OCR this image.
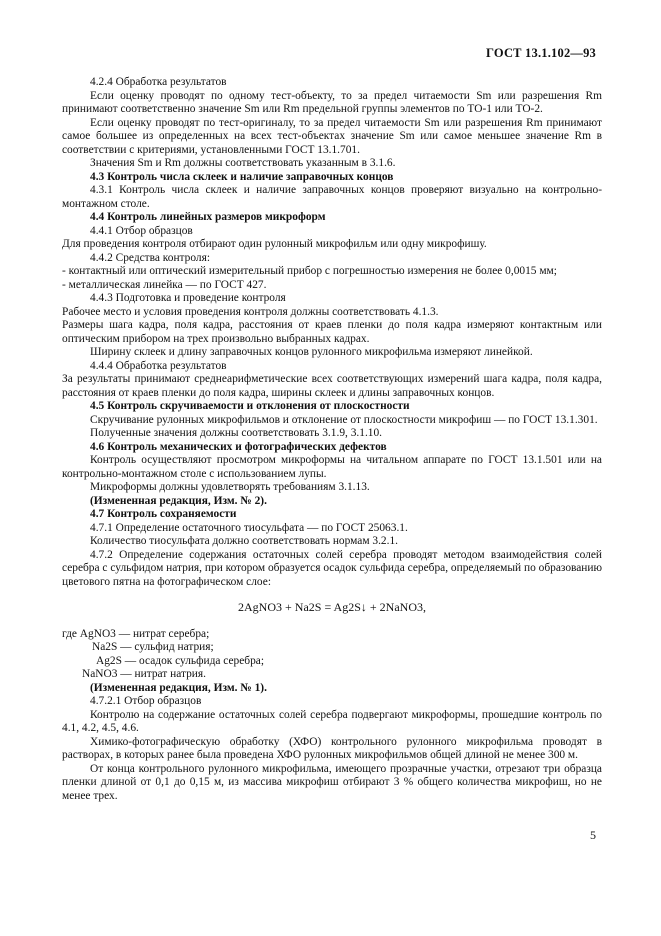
ГОСТ 13.1.102—93

4.2.4 Обработка результатов

Если оценку проводят по одному тест-объекту, то за предел читаемости Sm или разрешения Rm принимают соответственно значение Sm или Rm предельной группы элементов по ТО-1 или ТО-2.

Если оценку проводят по тест-оригиналу, то за предел читаемости Sm или разрешения Rm принимают самое большее из определенных на всех тест-объектах значение Sm или самое меньшее значение Rm в соответствии с критериями, установленными ГОСТ 13.1.701.

Значения Sm и Rm должны соответствовать указанным в 3.1.6.

4.3 Контроль числа склеек и наличие заправочных концов

4.3.1 Контроль числа склеек и наличие заправочных концов проверяют визуально на контрольно-монтажном столе.

4.4 Контроль линейных размеров микроформ

4.4.1 Отбор образцов

Для проведения контроля отбирают один рулонный микрофильм или одну микрофишу.

4.4.2 Средства контроля:

- контактный или оптический измерительный прибор с погрешностью измерения не более 0,0015 мм;

- металлическая линейка — по ГОСТ 427.

4.4.3 Подготовка и проведение контроля

Рабочее место и условия проведения контроля должны соответствовать 4.1.3.

Размеры шага кадра, поля кадра, расстояния от краев пленки до поля кадра измеряют контактным или оптическим прибором на трех произвольно выбранных кадрах.

Ширину склеек и длину заправочных концов рулонного микрофильма измеряют линейкой.

4.4.4 Обработка результатов

За результаты принимают среднеарифметические всех соответствующих измерений шага кадра, поля кадра, расстояния от краев пленки до поля кадра, ширины склеек и длины заправочных концов.

4.5 Контроль скручиваемости и отклонения от плоскостности

Скручивание рулонных микрофильмов и отклонение от плоскостности микрофиш — по ГОСТ 13.1.301.

Полученные значения должны соответствовать 3.1.9, 3.1.10.

4.6 Контроль механических и фотографических дефектов

Контроль осуществляют просмотром микроформы на читальном аппарате по ГОСТ 13.1.501 или на контрольно-монтажном столе с использованием лупы.

Микроформы должны удовлетворять требованиям 3.1.13.

(Измененная редакция, Изм. № 2).

4.7 Контроль сохраняемости

4.7.1 Определение остаточного тиосульфата — по ГОСТ 25063.1.

Количество тиосульфата должно соответствовать нормам 3.2.1.

4.7.2 Определение содержания остаточных солей серебра проводят методом взаимодействия солей серебра с сульфидом натрия, при котором образуется осадок сульфида серебра, определяемый по образованию цветового пятна на фотографическом слое:

2AgNO3 + Na2S = Ag2S↓ + 2NaNO3,

где AgNO3 — нитрат серебра;

Na2S — сульфид натрия;

Ag2S — осадок сульфида серебра;

NaNO3 — нитрат натрия.

(Измененная редакция, Изм. № 1).

4.7.2.1 Отбор образцов

Контролю на содержание остаточных солей серебра подвергают микроформы, прошедшие контроль по 4.1, 4.2, 4.5, 4.6.

Химико-фотографическую обработку (ХФО) контрольного рулонного микрофильма проводят в растворах, в которых ранее была проведена ХФО рулонных микрофильмов общей длиной не менее 300 м.

От конца контрольного рулонного микрофильма, имеющего прозрачные участки, отрезают три образца пленки длиной от 0,1 до 0,15 м, из массива микрофиш отбирают 3 % общего количества микрофиш, но не менее трех.

5
